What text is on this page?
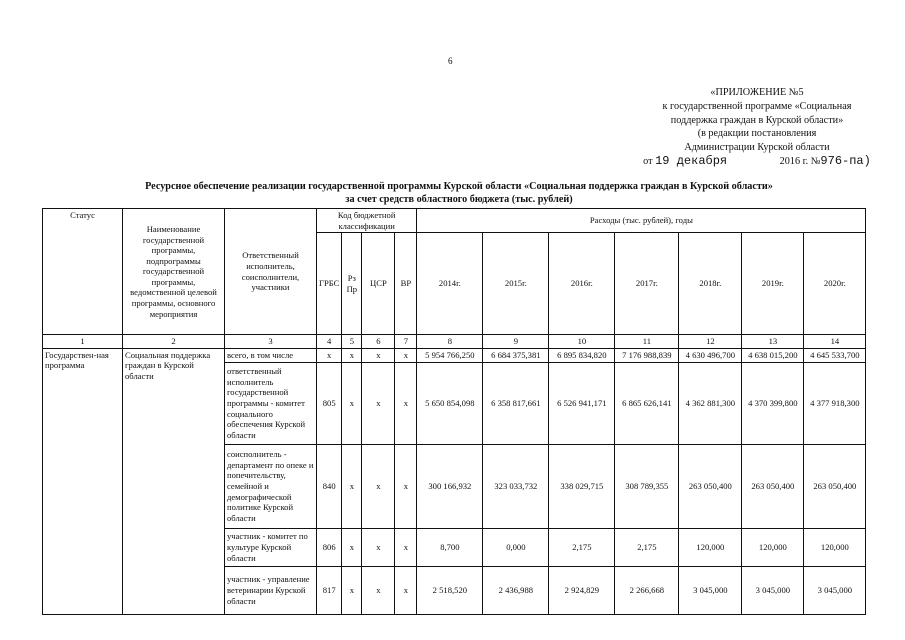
6
«ПРИЛОЖЕНИЕ №5
к государственной программе «Социальная
поддержка граждан в Курской области»
(в редакции постановления
Администрации Курской области
от 19 декабря	2016 г. №976-па)
Ресурсное обеспечение реализации государственной программы Курской области «Социальная поддержка граждан в Курской области»
за счет средств областного бюджета (тыс. рублей)
Статус	Наименование государственной программы, подпрограммы государственной программы, ведомственной целевой программы, основного мероприятия	Ответственный исполнитель, соисполнители, участники	Код бюджетной классификации				Расходы (тыс. рублей), годы						
			ГРБС	Рз Пр	ЦСР	ВР	2014г.	2015г.	2016г.	2017г.	2018г.	2019г.	2020г.
1	2	3	4	5	6	7	8	9	10	11	12	13	14
Государствен-ная программа	Социальная поддержка граждан в Курской области	всего, в том числе	х	х	х	х	5 954 766,250	6 684 375,381	6 895 834,820	7 176 988,839	4 630 496,700	4 638 015,200	4 645 533,700
		ответственный исполнитель государственной программы - комитет социального обеспечения Курской области	805	х	х	х	5 650 854,098	6 358 817,661	6 526 941,171	6 865 626,141	4 362 881,300	4 370 399,800	4 377 918,300
		соисполнитель - департамент по опеке и попечительству, семейной и демографической политике Курской области	840	х	х	х	300 166,932	323 033,732	338 029,715	308 789,355	263 050,400	263 050,400	263 050,400
		участник - комитет по культуре Курской области	806	х	х	х	8,700	0,000	2,175	2,175	120,000	120,000	120,000
		участник - управление ветеринарии Курской области	817	х	х	х	2 518,520	2 436,988	2 924,829	2 266,668	3 045,000	3 045,000	3 045,000
